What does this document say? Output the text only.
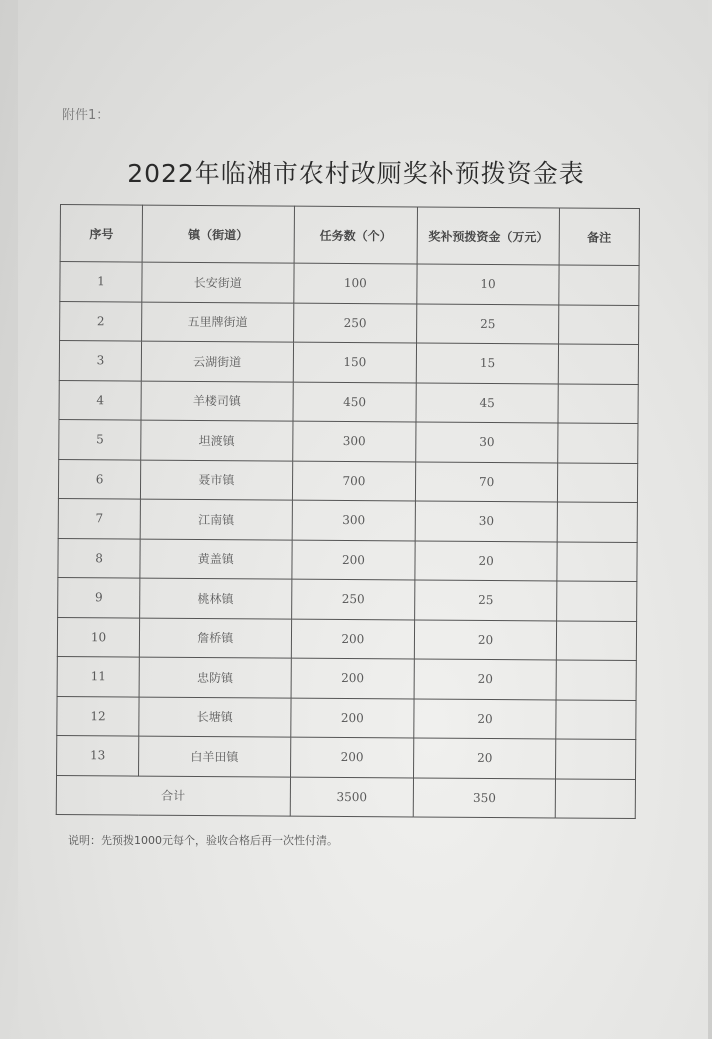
附件1：
2022年临湘市农村改厕奖补预拨资金表
序号	镇（街道）	任务数（个）	奖补预拨资金（万元）	备注
1	长安街道	100	10	
2	五里牌街道	250	25	
3	云湖街道	150	15	
4	羊楼司镇	450	45	
5	坦渡镇	300	30	
6	聂市镇	700	70	
7	江南镇	300	30	
8	黄盖镇	200	20	
9	桃林镇	250	25	
10	詹桥镇	200	20	
11	忠防镇	200	20	
12	长塘镇	200	20	
13	白羊田镇	200	20	
合计		3500	350	
说明：先预拨1000元每个，验收合格后再一次性付清。
